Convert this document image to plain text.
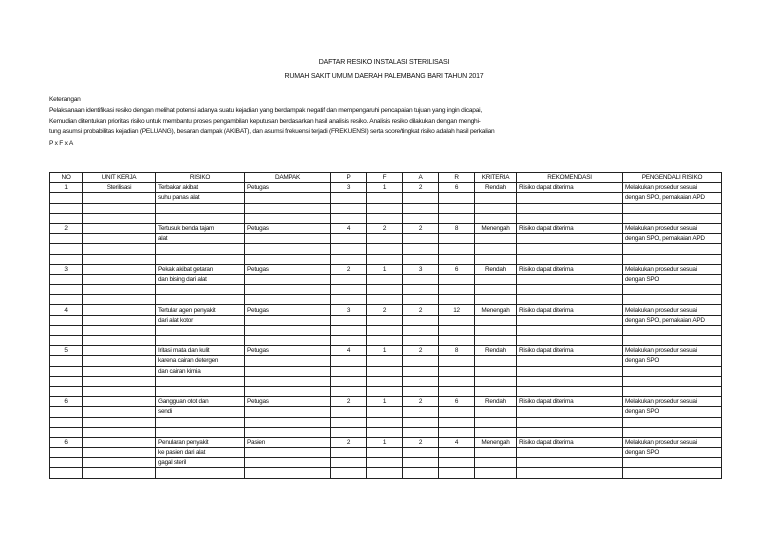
DAFTAR RESIKO INSTALASI STERILISASI
RUMAH SAKIT UMUM DAERAH PALEMBANG BARI TAHUN 2017
Keterangan
Pelaksanaan identifikasi resiko dengan melihat potensi adanya suatu kejadian yang berdampak negatif dan mempengaruhi pencapaian tujuan yang ingin dicapai,
Kemudian ditentukan prioritas risiko untuk membantu proses pengambilan keputusan berdasarkan hasil analisis resiko. Analisis resiko dilakukan dengan menghi-
tung asumsi probabilitas kejadian (PELUANG), besaran dampak (AKIBAT), dan asumsi frekuensi terjadi (FREKUENSI) serta score/tingkat risiko adalah hasil perkalian
P x F x A
NO	UNIT KERJA	RISIKO	DAMPAK	P	F	A	R	KRITERIA	REKOMENDASI	PENGENDALI RISIKO
1	Sterilisasi	Terbakar akibat	Petugas	3	1	2	6	Rendah	Risiko dapat diterima	Melakukan prosedur sesuai
		suhu panas alat								dengan SPO, pemakaian APD

2		Tertusuk benda tajam	Petugas	4	2	2	8	Menengah	Risiko dapat diterima	Melakukan prosedur sesuai
		alat								dengan SPO, pemakaian APD

3		Pekak akibat getaran	Petugas	2	1	3	6	Rendah	Risiko dapat diterima	Melakukan prosedur sesuai
		dan bising dari alat								dengan SPO

4		Tertular agen penyakit	Petugas	3	2	2	12	Menengah	Risiko dapat diterima	Melakukan prosedur sesuai
		dari alat kotor								dengan SPO, pemakaian APD

5		Iritasi mata dan kulit	Petugas	4	1	2	8	Rendah	Risiko dapat diterima	Melakukan prosedur sesuai
		karena cairan detergen								dengan SPO
		dan cairan kimia								

6		Gangguan otot dan	Petugas	2	1	2	6	Rendah	Risiko dapat diterima	Melakukan prosedur sesuai
		sendi								dengan SPO

6		Penularan penyakit	Pasien	2	1	2	4	Menengah	Risiko dapat diterima	Melakukan prosedur sesuai
		ke pasien dari alat								dengan SPO
		gagal steril								
